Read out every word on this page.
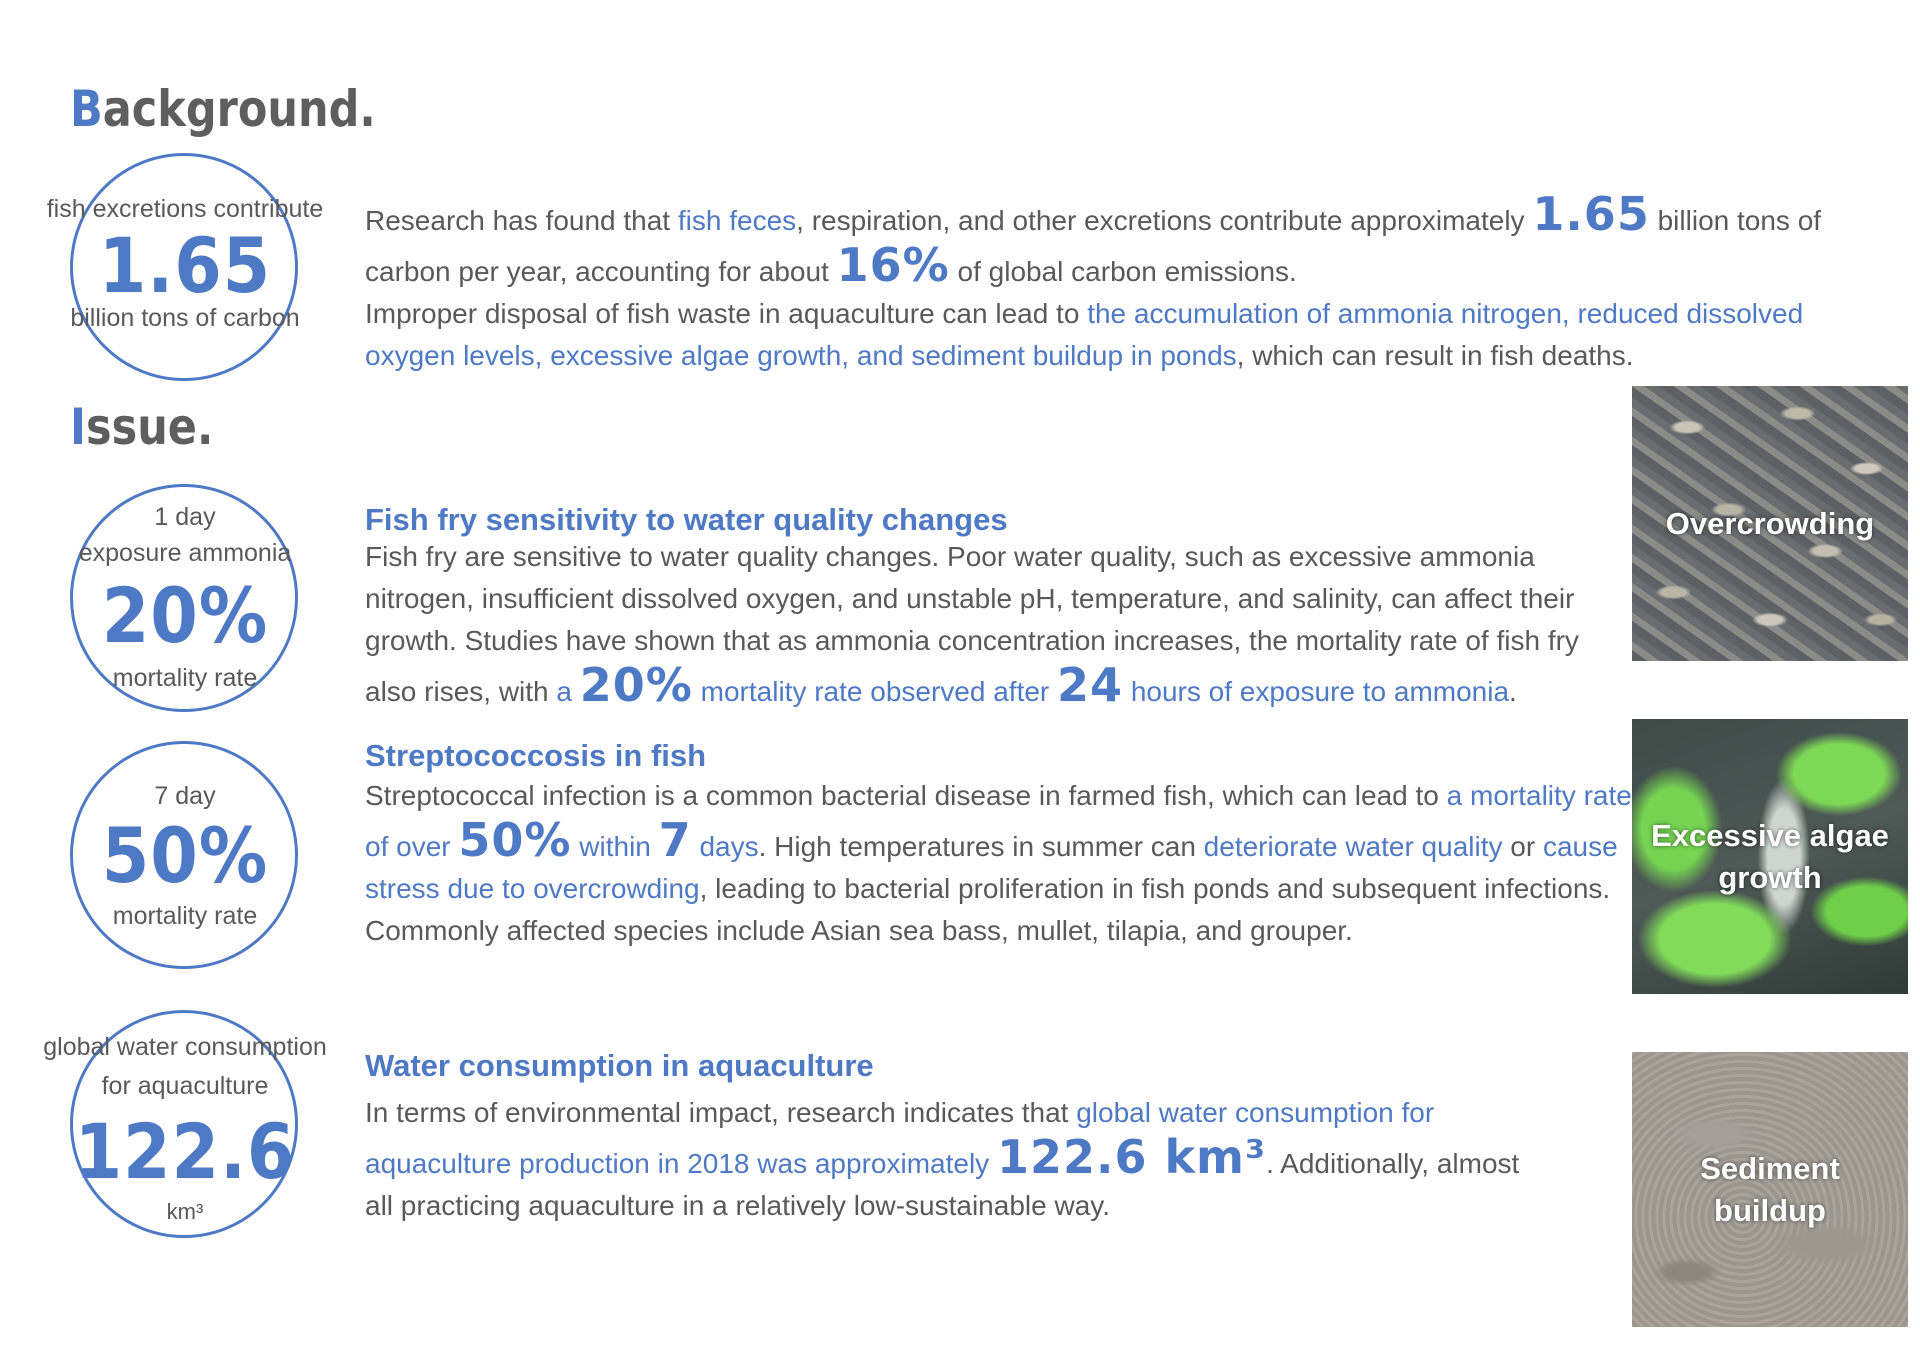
Background.
fish excretions contribute
1.65
billion tons of carbon

Research has found that fish feces, respiration, and other excretions contribute approximately 1.65 billion tons of carbon per year, accounting for about 16% of global carbon emissions.
Improper disposal of fish waste in aquaculture can lead to the accumulation of ammonia nitrogen, reduced dissolved oxygen levels, excessive algae growth, and sediment buildup in ponds, which can result in fish deaths.

Issue.
1 day
exposure ammonia
20%
mortality rate
Fish fry sensitivity to water quality changes

Fish fry are sensitive to water quality changes. Poor water quality, such as excessive ammonia nitrogen, insufficient dissolved oxygen, and unstable pH, temperature, and salinity, can affect their growth. Studies have shown that as ammonia concentration increases, the mortality rate of fish fry also rises, with a 20% mortality rate observed after 24 hours of exposure to ammonia.

7 day
50%
mortality rate
Streptococcosis in fish

Streptococcal infection is a common bacterial disease in farmed fish, which can lead to a mortality rate of over 50% within 7 days. High temperatures in summer can deteriorate water quality or cause stress due to overcrowding, leading to bacterial proliferation in fish ponds and subsequent infections. Commonly affected species include Asian sea bass, mullet, tilapia, and grouper.

global water consumption
for aquaculture
122.6
km³
Water consumption in aquaculture

In terms of environmental impact, research indicates that global water consumption for aquaculture production in 2018 was approximately 122.6 km³. Additionally, almost all practicing aquaculture in a relatively low-sustainable way.

Overcrowding
Excessive algae growth
Sediment buildup
